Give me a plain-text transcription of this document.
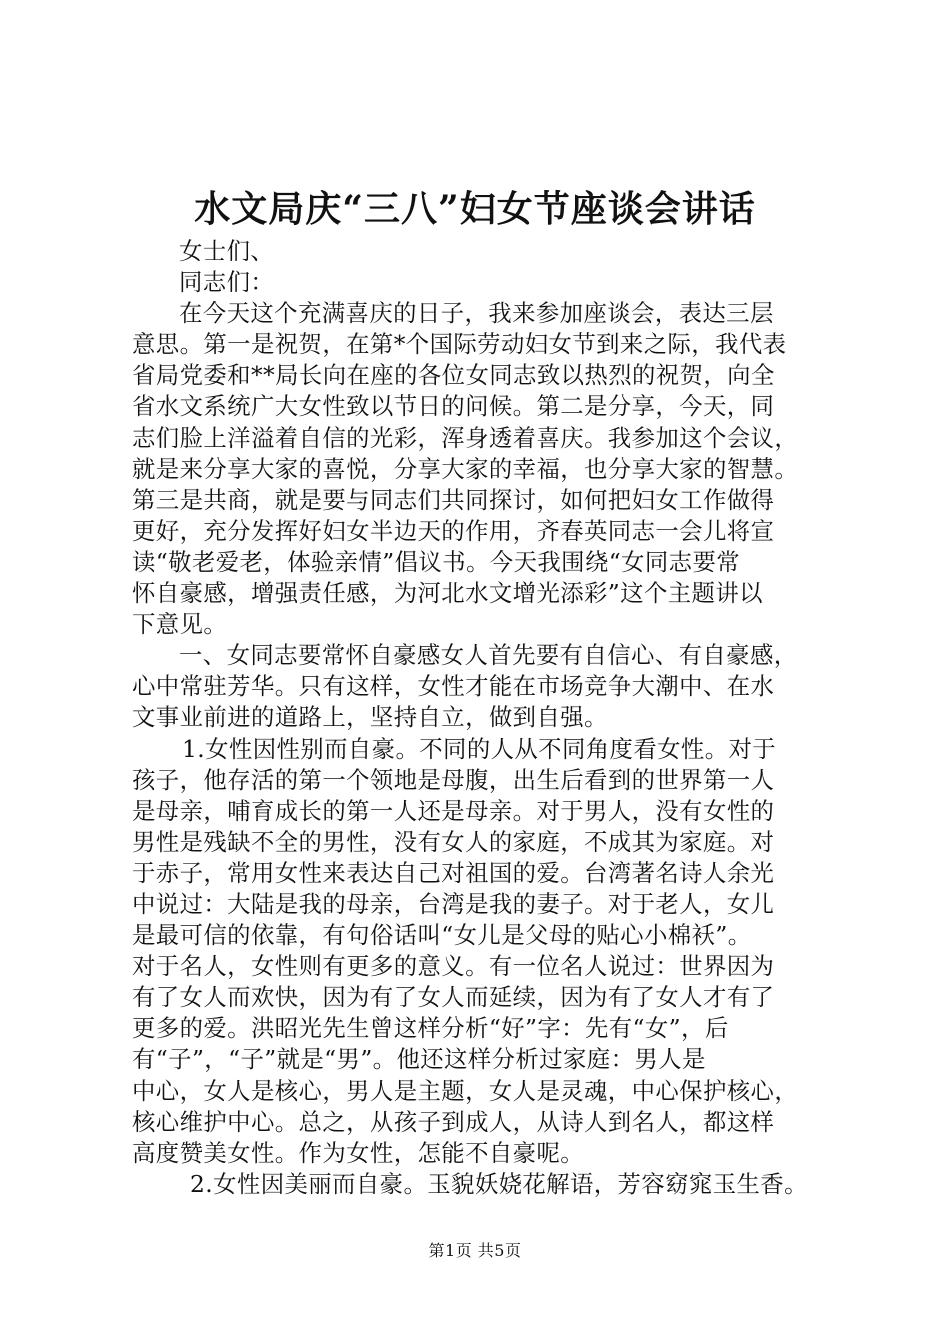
水文局庆“三八”妇女节座谈会讲话
女士们、
同志们：
在今天这个充满喜庆的日子，我来参加座谈会，表达三层
意思。第一是祝贺，在第*个国际劳动妇女节到来之际，我代表
省局党委和**局长向在座的各位女同志致以热烈的祝贺，向全
省水文系统广大女性致以节日的问候。第二是分享，今天，同
志们脸上洋溢着自信的光彩，浑身透着喜庆。我参加这个会议，
就是来分享大家的喜悦，分享大家的幸福，也分享大家的智慧。
第三是共商，就是要与同志们共同探讨，如何把妇女工作做得
更好，充分发挥好妇女半边天的作用，齐春英同志一会儿将宣
读“敬老爱老，体验亲情”倡议书。今天我围绕“女同志要常
怀自豪感，增强责任感，为河北水文增光添彩”这个主题讲以
下意见。
一、女同志要常怀自豪感女人首先要有自信心、有自豪感，
心中常驻芳华。只有这样，女性才能在市场竞争大潮中、在水
文事业前进的道路上，坚持自立，做到自强。
1.女性因性别而自豪。不同的人从不同角度看女性。对于
孩子，他存活的第一个领地是母腹，出生后看到的世界第一人
是母亲，哺育成长的第一人还是母亲。对于男人，没有女性的
男性是残缺不全的男性，没有女人的家庭，不成其为家庭。对
于赤子，常用女性来表达自己对祖国的爱。台湾著名诗人余光
中说过：大陆是我的母亲，台湾是我的妻子。对于老人，女儿
是最可信的依靠，有句俗话叫“女儿是父母的贴心小棉袄”。
对于名人，女性则有更多的意义。有一位名人说过：世界因为
有了女人而欢快，因为有了女人而延续，因为有了女人才有了
更多的爱。洪昭光先生曾这样分析“好”字：先有“女”，后
有“子”，“子”就是“男”。他还这样分析过家庭：男人是
中心，女人是核心，男人是主题，女人是灵魂，中心保护核心，
核心维护中心。总之，从孩子到成人，从诗人到名人，都这样
高度赞美女性。作为女性，怎能不自豪呢。
2.女性因美丽而自豪。玉貌妖娆花解语，芳容窈窕玉生香。
第1页 共5页
